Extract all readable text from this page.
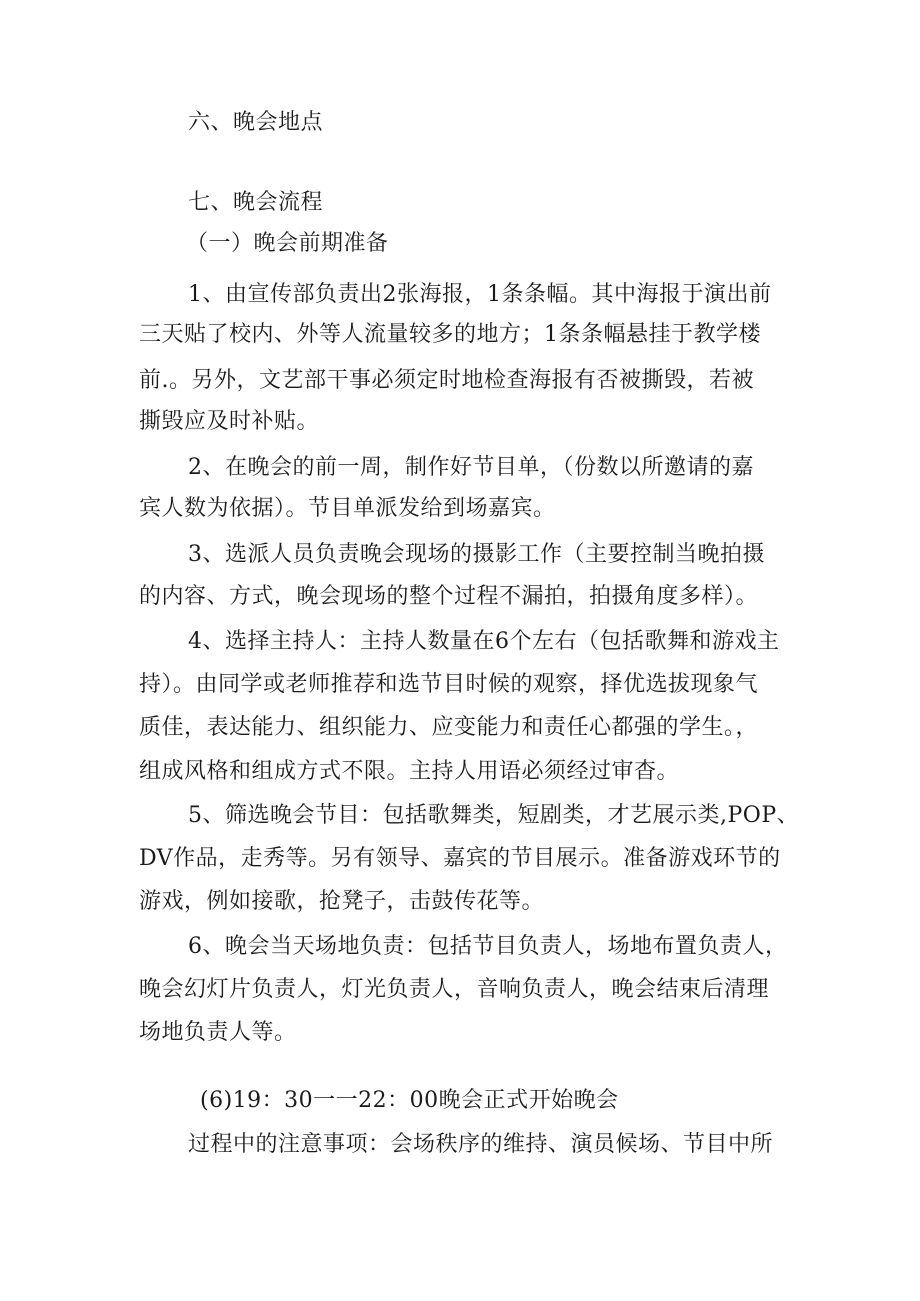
六、晚会地点
七、晚会流程
（一）晚会前期准备
1、由宣传部负责出2张海报，1条条幅。其中海报于演出前
三天贴了校内、外等人流量较多的地方；1条条幅悬挂于教学楼
前.。另外，文艺部干事必须定时地检查海报有否被撕毁，若被
撕毁应及时补贴。
2、在晚会的前一周，制作好节目单，（份数以所邀请的嘉
宾人数为依据）。节目单派发给到场嘉宾。
3、选派人员负责晚会现场的摄影工作（主要控制当晚拍摄
的内容、方式，晚会现场的整个过程不漏拍，拍摄角度多样）。
4、选择主持人：主持人数量在6个左右（包括歌舞和游戏主
持）。由同学或老师推荐和选节目时候的观察，择优选拔现象气
质佳，表达能力、组织能力、应变能力和责任心都强的学生。，
组成风格和组成方式不限。主持人用语必须经过审杳。
5、筛选晚会节目：包括歌舞类，短剧类，才艺展示类,POP、
DV作品，走秀等。另有领导、嘉宾的节目展示。准备游戏环节的
游戏，例如接歌，抢凳子，击鼓传花等。
6、晚会当天场地负责：包括节目负责人，场地布置负责人，
晚会幻灯片负责人，灯光负责人，音响负责人，晚会结束后清理
场地负责人等。
(6)19：30一一22：00晚会正式开始晚会
过程中的注意事项：会场秩序的维持、演员候场、节目中所
